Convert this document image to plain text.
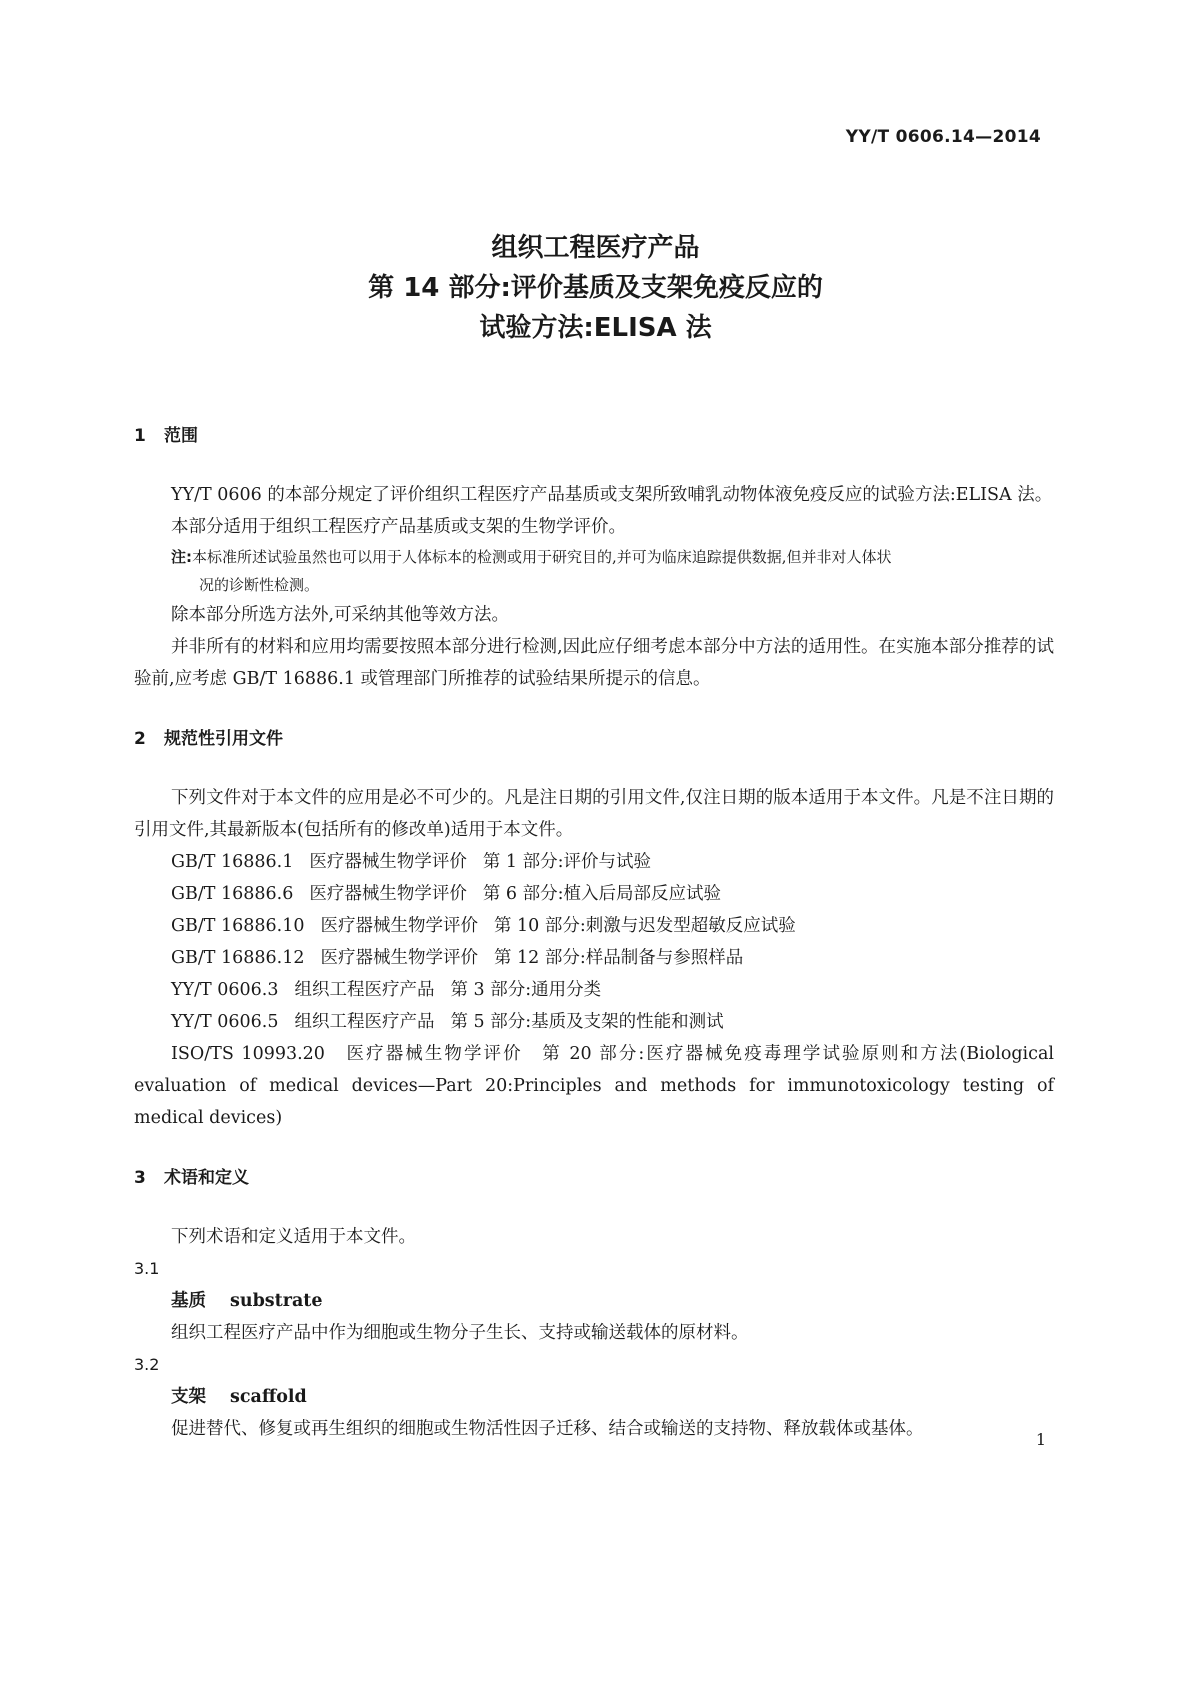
YY/T 0606.14—2014
组织工程医疗产品
第 14 部分:评价基质及支架免疫反应的
试验方法:ELISA 法
1 范围

YY/T 0606 的本部分规定了评价组织工程医疗产品基质或支架所致哺乳动物体液免疫反应的试验方法:ELISA 法。

本部分适用于组织工程医疗产品基质或支架的生物学评价。

注:本标准所述试验虽然也可以用于人体标本的检测或用于研究目的,并可为临床追踪提供数据,但并非对人体状
况的诊断性检测。

除本部分所选方法外,可采纳其他等效方法。

并非所有的材料和应用均需要按照本部分进行检测,因此应仔细考虑本部分中方法的适用性。在实施本部分推荐的试验前,应考虑 GB/T 16886.1 或管理部门所推荐的试验结果所提示的信息。

2 规范性引用文件

下列文件对于本文件的应用是必不可少的。凡是注日期的引用文件,仅注日期的版本适用于本文件。凡是不注日期的引用文件,其最新版本(包括所有的修改单)适用于本文件。

GB/T 16886.1 医疗器械生物学评价 第 1 部分:评价与试验
GB/T 16886.6 医疗器械生物学评价 第 6 部分:植入后局部反应试验
GB/T 16886.10 医疗器械生物学评价 第 10 部分:刺激与迟发型超敏反应试验
GB/T 16886.12 医疗器械生物学评价 第 12 部分:样品制备与参照样品
YY/T 0606.3 组织工程医疗产品 第 3 部分:通用分类
YY/T 0606.5 组织工程医疗产品 第 5 部分:基质及支架的性能和测试

ISO/TS 10993.20　医疗器械生物学评价　第 20 部分:医疗器械免疫毒理学试验原则和方法(Biological evaluation of medical devices—Part 20:Principles and methods for immunotoxicology testing of medical devices)

3 术语和定义

下列术语和定义适用于本文件。

3.1

基质 substrate

组织工程医疗产品中作为细胞或生物分子生长、支持或输送载体的原材料。

3.2

支架 scaffold

促进替代、修复或再生组织的细胞或生物活性因子迁移、结合或输送的支持物、释放载体或基体。

1
